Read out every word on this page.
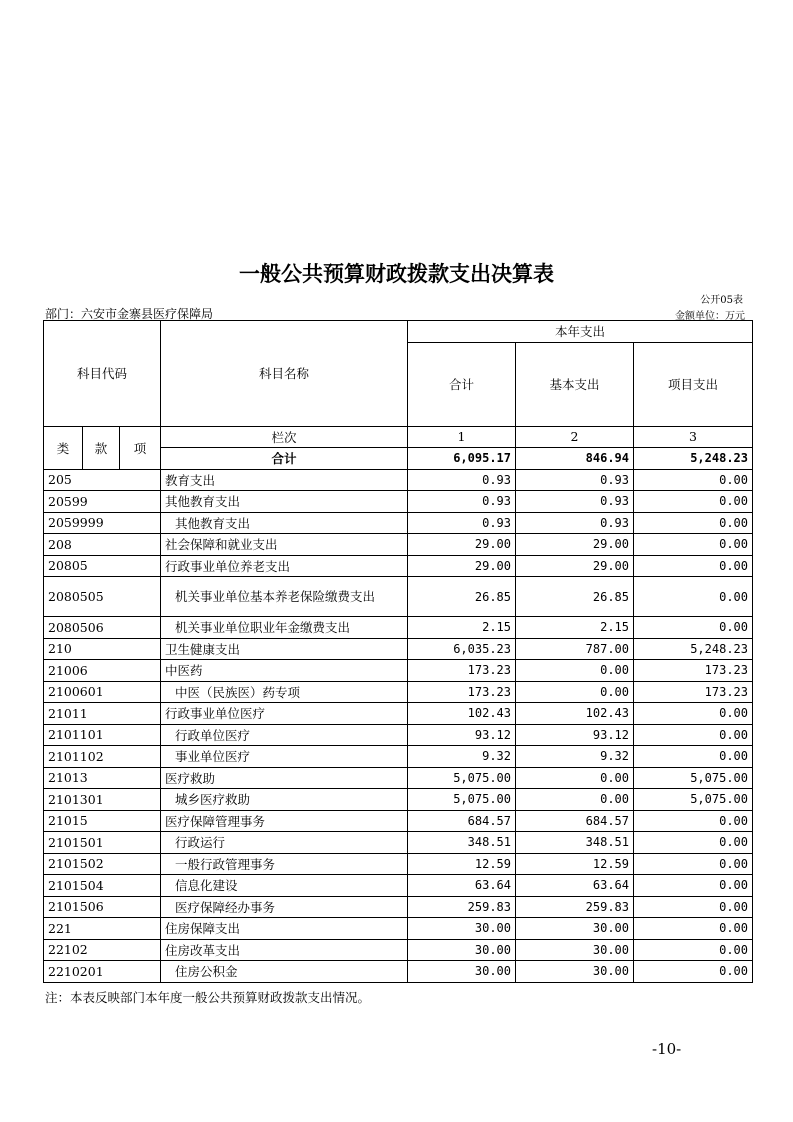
一般公共预算财政拨款支出决算表
公开05表
部门：六安市金寨县医疗保障局	金额单位：万元
科目代码			科目名称	本年支出		
				合计	基本支出	项目支出
类	款	项	栏次	1	2	3
			合计	6,095.17	846.94	5,248.23
205			教育支出	0.93	0.93	0.00
20599			其他教育支出	0.93	0.93	0.00
2059999			其他教育支出	0.93	0.93	0.00
208			社会保障和就业支出	29.00	29.00	0.00
20805			行政事业单位养老支出	29.00	29.00	0.00
2080505			机关事业单位基本养老保险缴费支出	26.85	26.85	0.00
2080506			机关事业单位职业年金缴费支出	2.15	2.15	0.00
210			卫生健康支出	6,035.23	787.00	5,248.23
21006			中医药	173.23	0.00	173.23
2100601			中医（民族医）药专项	173.23	0.00	173.23
21011			行政事业单位医疗	102.43	102.43	0.00
2101101			行政单位医疗	93.12	93.12	0.00
2101102			事业单位医疗	9.32	9.32	0.00
21013			医疗救助	5,075.00	0.00	5,075.00
2101301			城乡医疗救助	5,075.00	0.00	5,075.00
21015			医疗保障管理事务	684.57	684.57	0.00
2101501			行政运行	348.51	348.51	0.00
2101502			一般行政管理事务	12.59	12.59	0.00
2101504			信息化建设	63.64	63.64	0.00
2101506			医疗保障经办事务	259.83	259.83	0.00
221			住房保障支出	30.00	30.00	0.00
22102			住房改革支出	30.00	30.00	0.00
2210201			住房公积金	30.00	30.00	0.00
注：本表反映部门本年度一般公共预算财政拨款支出情况。
-10-
